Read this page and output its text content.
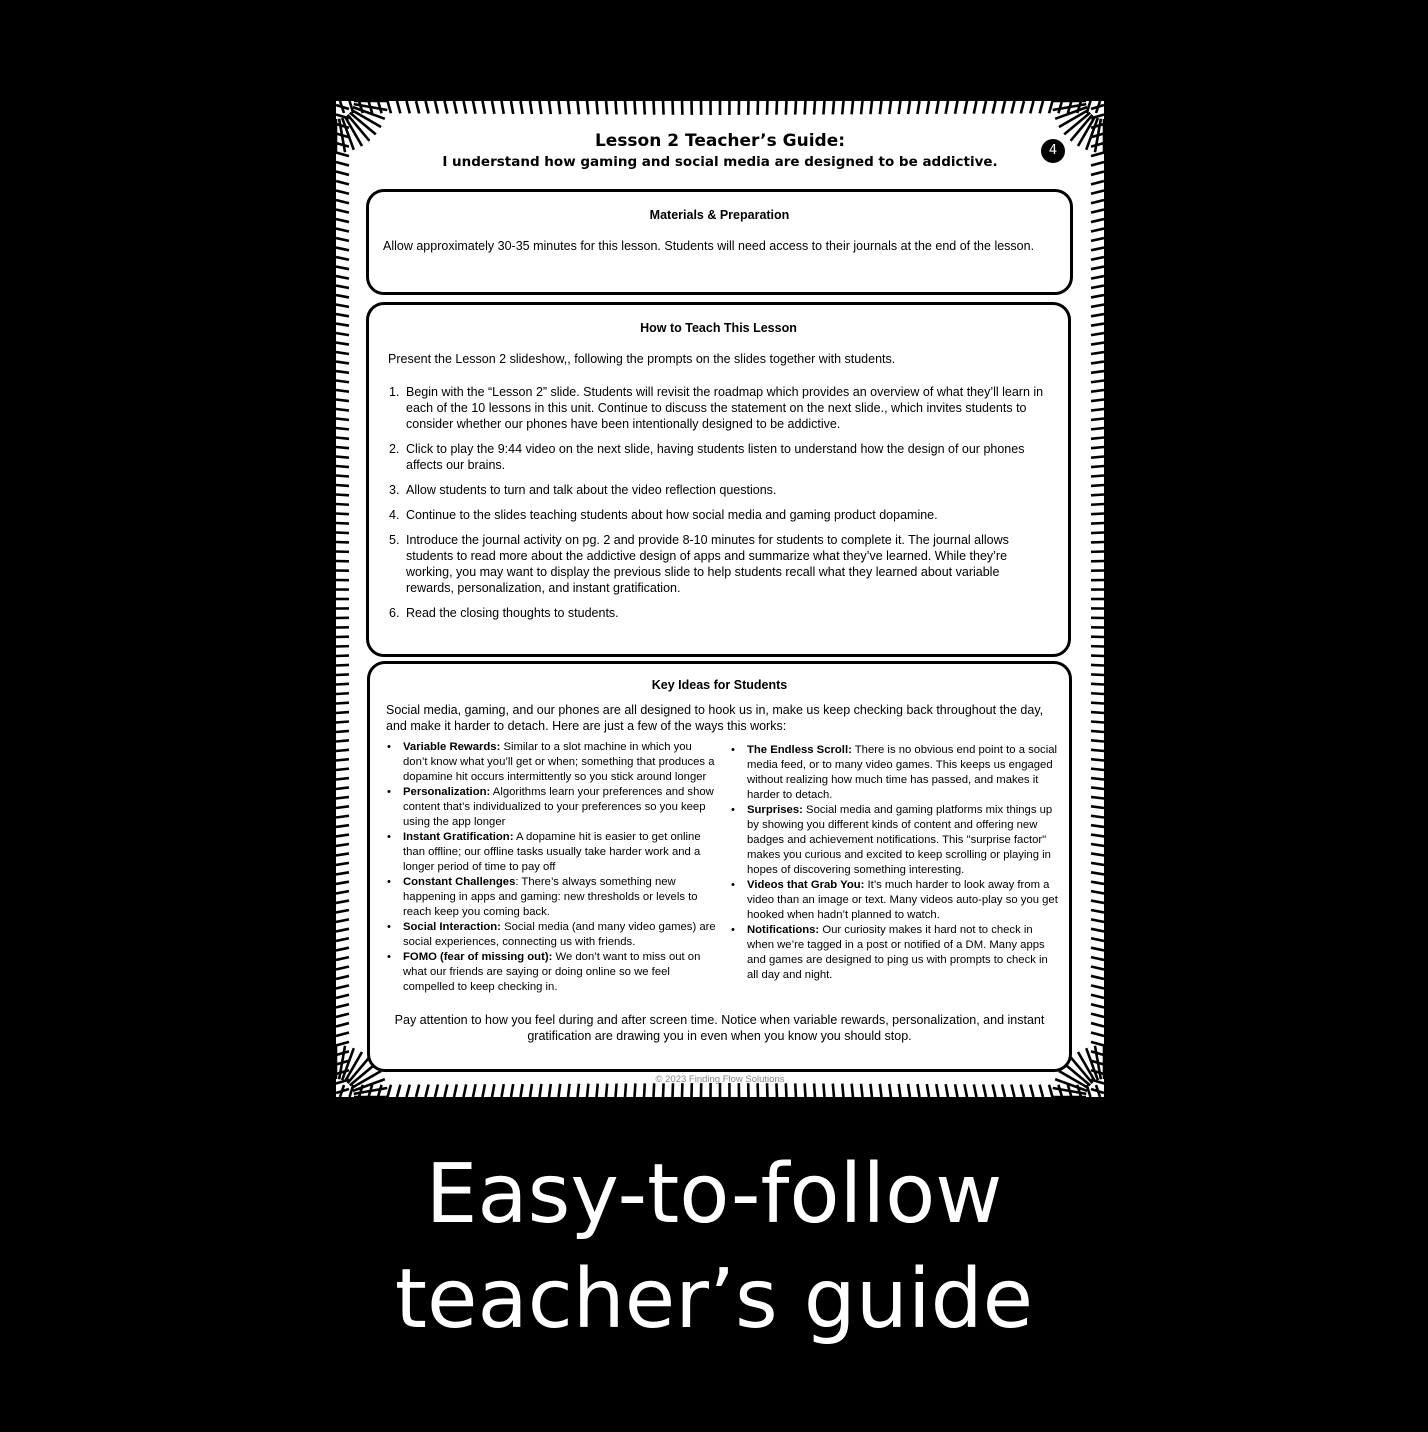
Lesson 2 Teacher’s Guide:
I understand how gaming and social media are designed to be addictive.
4
Materials & Preparation
Allow approximately 30-35 minutes for this lesson. Students will need access to their journals at the end of the lesson.
How to Teach This Lesson
Present the Lesson 2 slideshow,, following the prompts on the slides together with students.
1. Begin with the “Lesson 2” slide. Students will revisit the roadmap which provides an overview of what they’ll learn in each of the 10 lessons in this unit. Continue to discuss the statement on the next slide., which invites students to consider whether our phones have been intentionally designed to be addictive.
2. Click to play the 9:44 video on the next slide, having students listen to understand how the design of our phones affects our brains.
3. Allow students to turn and talk about the video reflection questions.
4. Continue to the slides teaching students about how social media and gaming product dopamine.
5. Introduce the journal activity on pg. 2 and provide 8-10 minutes for students to complete it. The journal allows students to read more about the addictive design of apps and summarize what they’ve learned. While they’re working, you may want to display the previous slide to help students recall what they learned about variable rewards, personalization, and instant gratification.
6. Read the closing thoughts to students.
Key Ideas for Students
Social media, gaming, and our phones are all designed to hook us in, make us keep checking back throughout the day, and make it harder to detach. Here are just a few of the ways this works:
• Variable Rewards: Similar to a slot machine in which you don’t know what you’ll get or when; something that produces a dopamine hit occurs intermittently so you stick around longer
• Personalization: Algorithms learn your preferences and show content that’s individualized to your preferences so you keep using the app longer
• Instant Gratification: A dopamine hit is easier to get online than offline; our offline tasks usually take harder work and a longer period of time to pay off
• Constant Challenges: There’s always something new happening in apps and gaming: new thresholds or levels to reach keep you coming back.
• Social Interaction: Social media (and many video games) are social experiences, connecting us with friends.
• FOMO (fear of missing out): We don’t want to miss out on what our friends are saying or doing online so we feel compelled to keep checking in.
• The Endless Scroll: There is no obvious end point to a social media feed, or to many video games. This keeps us engaged without realizing how much time has passed, and makes it harder to detach.
• Surprises: Social media and gaming platforms mix things up by showing you different kinds of content and offering new badges and achievement notifications. This "surprise factor" makes you curious and excited to keep scrolling or playing in hopes of discovering something interesting.
• Videos that Grab You: It’s much harder to look away from a video than an image or text. Many videos auto-play so you get hooked when hadn’t planned to watch.
• Notifications: Our curiosity makes it hard not to check in when we’re tagged in a post or notified of a DM. Many apps and games are designed to ping us with prompts to check in all day and night.
Pay attention to how you feel during and after screen time. Notice when variable rewards, personalization, and instant gratification are drawing you in even when you know you should stop.
© 2023 Finding Flow Solutions
Easy-to-follow
teacher’s guide
